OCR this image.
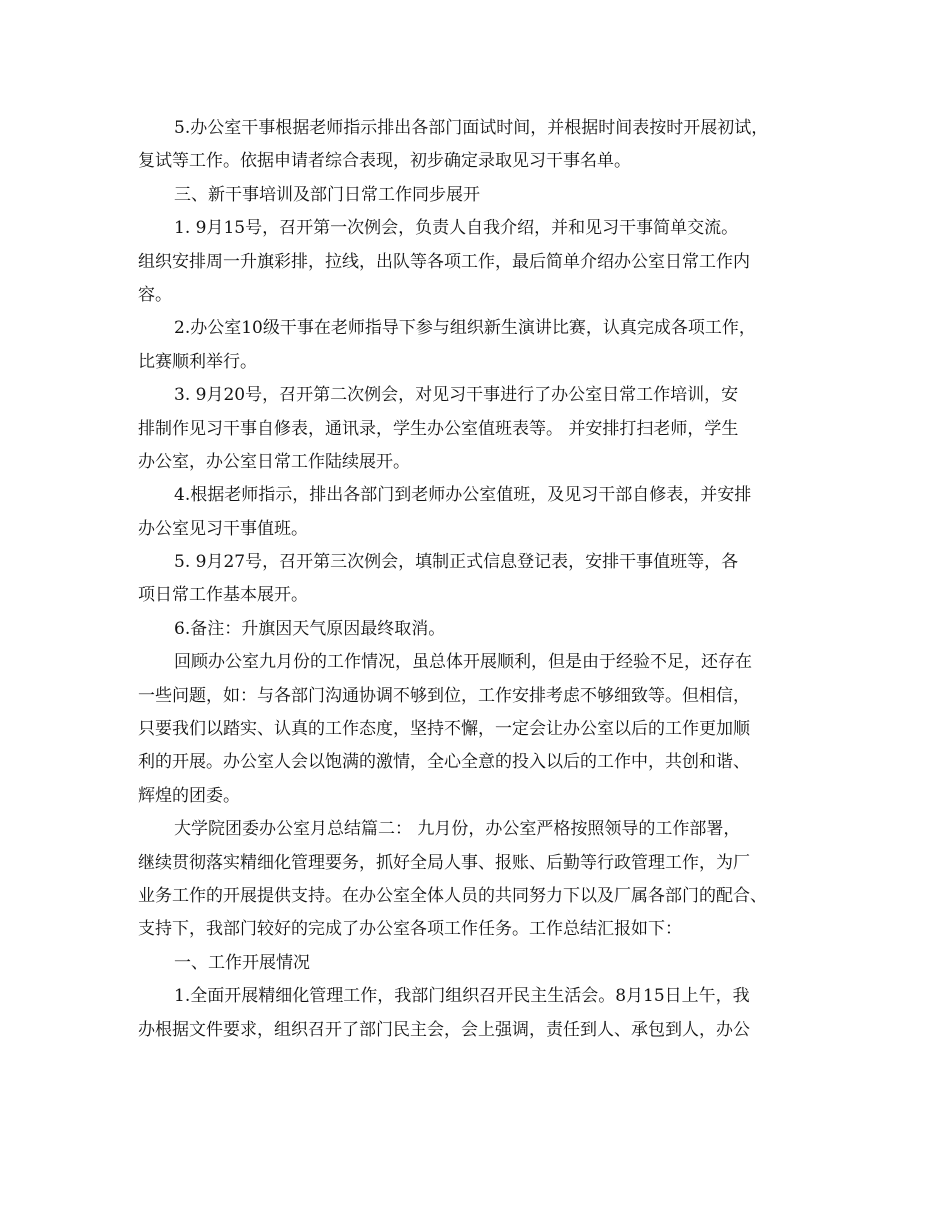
5.办公室干事根据老师指示排出各部门面试时间，并根据时间表按时开展初试，
复试等工作。依据申请者综合表现，初步确定录取见习干事名单。
三、新干事培训及部门日常工作同步展开
1. 9月15号，召开第一次例会，负责人自我介绍，并和见习干事简单交流。
组织安排周一升旗彩排，拉线，出队等各项工作，最后简单介绍办公室日常工作内
容。
2.办公室10级干事在老师指导下参与组织新生演讲比赛，认真完成各项工作，
比赛顺利举行。
3. 9月20号，召开第二次例会，对见习干事进行了办公室日常工作培训，安
排制作见习干事自修表，通讯录，学生办公室值班表等。 并安排打扫老师，学生
办公室，办公室日常工作陆续展开。
4.根据老师指示，排出各部门到老师办公室值班，及见习干部自修表，并安排
办公室见习干事值班。
5. 9月27号，召开第三次例会，填制正式信息登记表，安排干事值班等，各
项日常工作基本展开。
6.备注：升旗因天气原因最终取消。
回顾办公室九月份的工作情况，虽总体开展顺利，但是由于经验不足，还存在
一些问题，如：与各部门沟通协调不够到位，工作安排考虑不够细致等。但相信，
只要我们以踏实、认真的工作态度，坚持不懈，一定会让办公室以后的工作更加顺
利的开展。办公室人会以饱满的激情，全心全意的投入以后的工作中，共创和谐、
辉煌的团委。
大学院团委办公室月总结篇二： 九月份，办公室严格按照领导的工作部署，
继续贯彻落实精细化管理要务，抓好全局人事、报账、后勤等行政管理工作，为厂
业务工作的开展提供支持。在办公室全体人员的共同努力下以及厂属各部门的配合、
支持下，我部门较好的完成了办公室各项工作任务。工作总结汇报如下：
一、工作开展情况
1.全面开展精细化管理工作，我部门组织召开民主生活会。8月15日上午，我
办根据文件要求，组织召开了部门民主会，会上强调，责任到人、承包到人，办公
